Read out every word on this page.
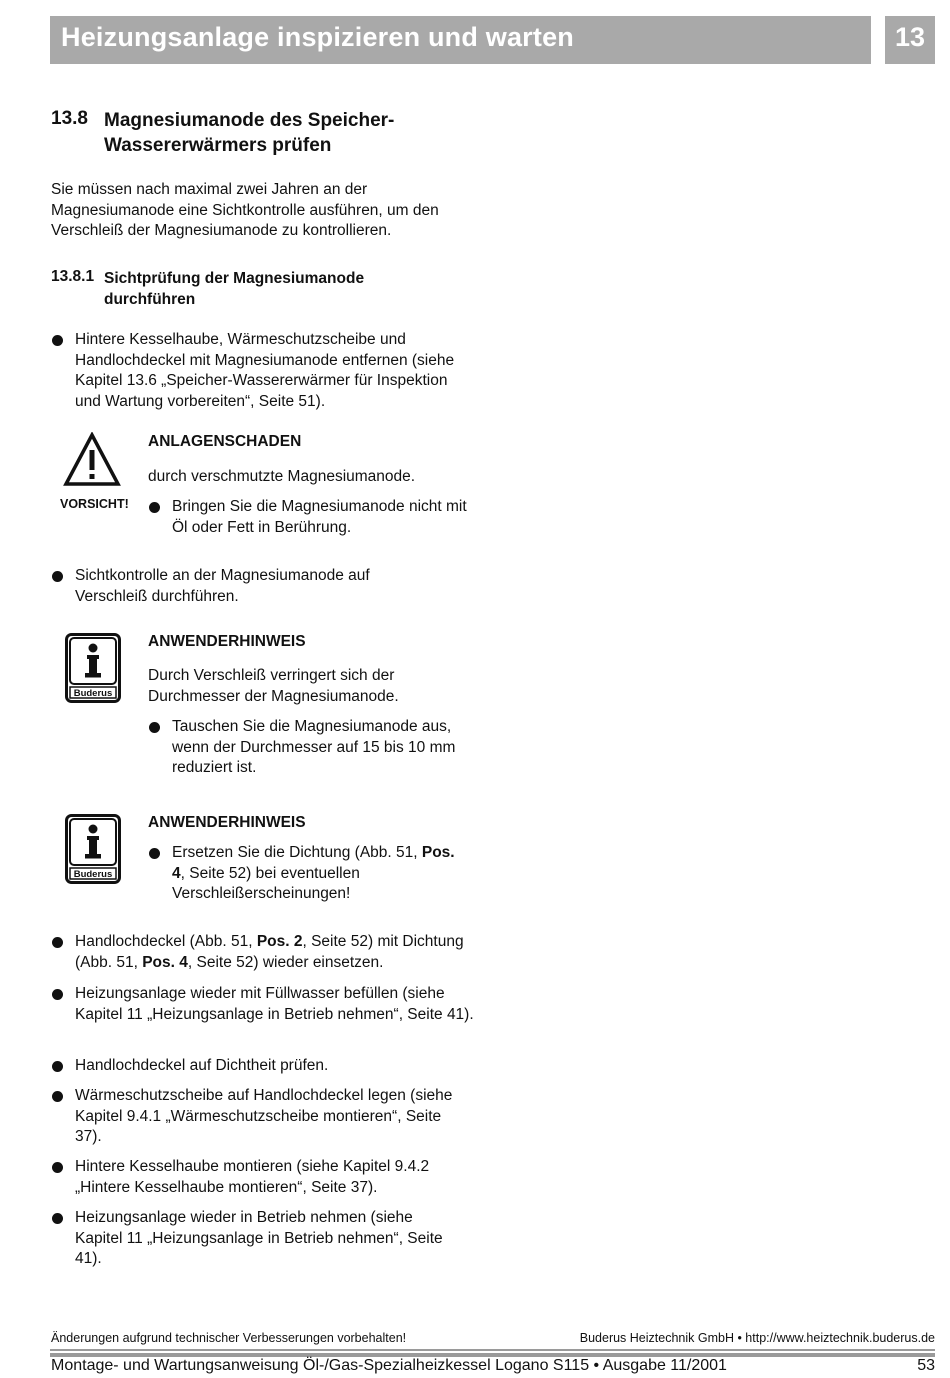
Heizungsanlage inspizieren und warten	13
13.8 Magnesiumanode des Speicher-Wassererwärmers prüfen
Sie müssen nach maximal zwei Jahren an der Magnesiumanode eine Sichtkontrolle ausführen, um den Verschleiß der Magnesiumanode zu kontrollieren.
13.8.1 Sichtprüfung der Magnesiumanode durchführen
Hintere Kesselhaube, Wärmeschutzscheibe und Handlochdeckel mit Magnesiumanode entfernen (siehe Kapitel 13.6 „Speicher-Wassererwärmer für Inspektion und Wartung vorbereiten“, Seite 51).
VORSICHT!
ANLAGENSCHADEN
durch verschmutzte Magnesiumanode.
Bringen Sie die Magnesiumanode nicht mit Öl oder Fett in Berührung.
Sichtkontrolle an der Magnesiumanode auf Verschleiß durchführen.
Buderus
ANWENDERHINWEIS
Durch Verschleiß verringert sich der Durchmesser der Magnesiumanode.
Tauschen Sie die Magnesiumanode aus, wenn der Durchmesser auf 15 bis 10 mm reduziert ist.
Buderus
ANWENDERHINWEIS
Ersetzen Sie die Dichtung (Abb. 51, Pos. 4, Seite 52) bei eventuellen Verschleißerscheinungen!
Handlochdeckel (Abb. 51, Pos. 2, Seite 52) mit Dichtung (Abb. 51, Pos. 4, Seite 52) wieder einsetzen.
Heizungsanlage wieder mit Füllwasser befüllen (siehe Kapitel 11 „Heizungsanlage in Betrieb nehmen“, Seite 41).
Handlochdeckel auf Dichtheit prüfen.
Wärmeschutzscheibe auf Handlochdeckel legen (siehe Kapitel 9.4.1 „Wärmeschutzscheibe montieren“, Seite 37).
Hintere Kesselhaube montieren (siehe Kapitel 9.4.2 „Hintere Kesselhaube montieren“, Seite 37).
Heizungsanlage wieder in Betrieb nehmen (siehe Kapitel 11 „Heizungsanlage in Betrieb nehmen“, Seite 41).
Änderungen aufgrund technischer Verbesserungen vorbehalten!	Buderus Heiztechnik GmbH • http://www.heiztechnik.buderus.de
Montage- und Wartungsanweisung Öl-/Gas-Spezialheizkessel Logano S115 • Ausgabe 11/2001	53
